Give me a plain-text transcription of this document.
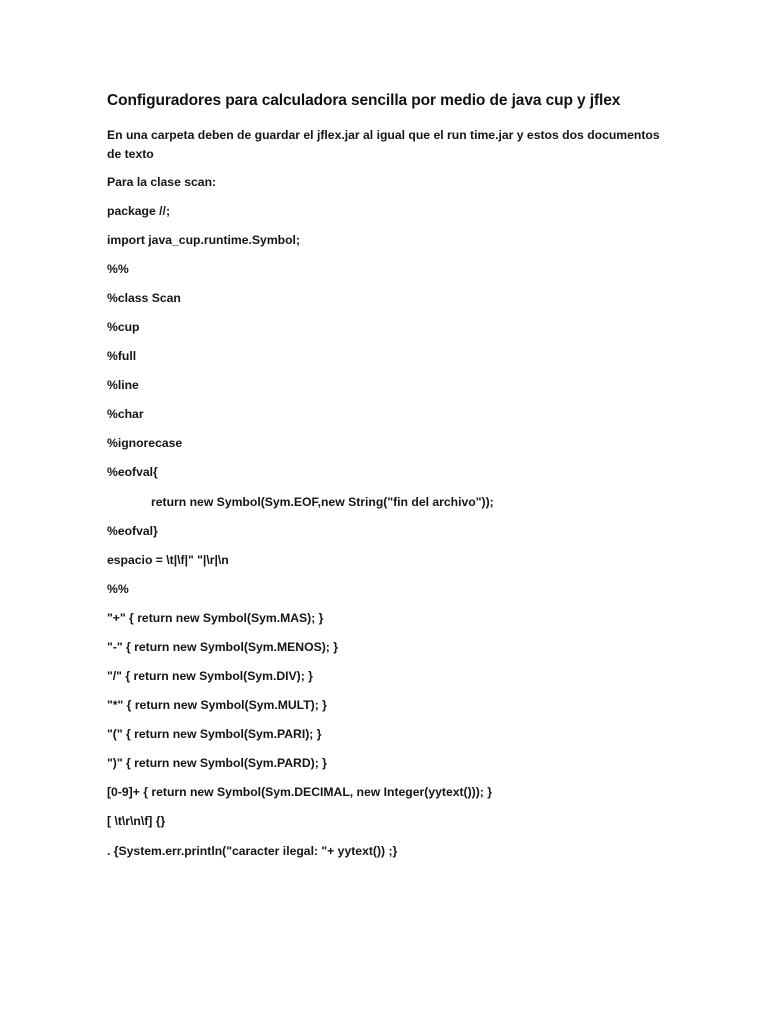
Configuradores para calculadora sencilla por medio de java cup y jflex
En una carpeta deben de guardar el jflex.jar al igual que el run time.jar y estos dos documentos de texto
Para la clase scan:
package //;
import java_cup.runtime.Symbol;
%%
%class Scan
%cup
%full
%line
%char
%ignorecase
%eofval{
return new Symbol(Sym.EOF,new String("fin del archivo"));
%eofval}
espacio = \t|\f|" "|\r|\n
%%
"+" { return new Symbol(Sym.MAS); }
"-" { return new Symbol(Sym.MENOS); }
"/" { return new Symbol(Sym.DIV); }
"*" { return new Symbol(Sym.MULT); }
"(" { return new Symbol(Sym.PARI); }
")" { return new Symbol(Sym.PARD); }
[0-9]+ { return new Symbol(Sym.DECIMAL, new Integer(yytext())); }
[ \t\r\n\f] {}
. {System.err.println("caracter ilegal: "+ yytext()) ;}
